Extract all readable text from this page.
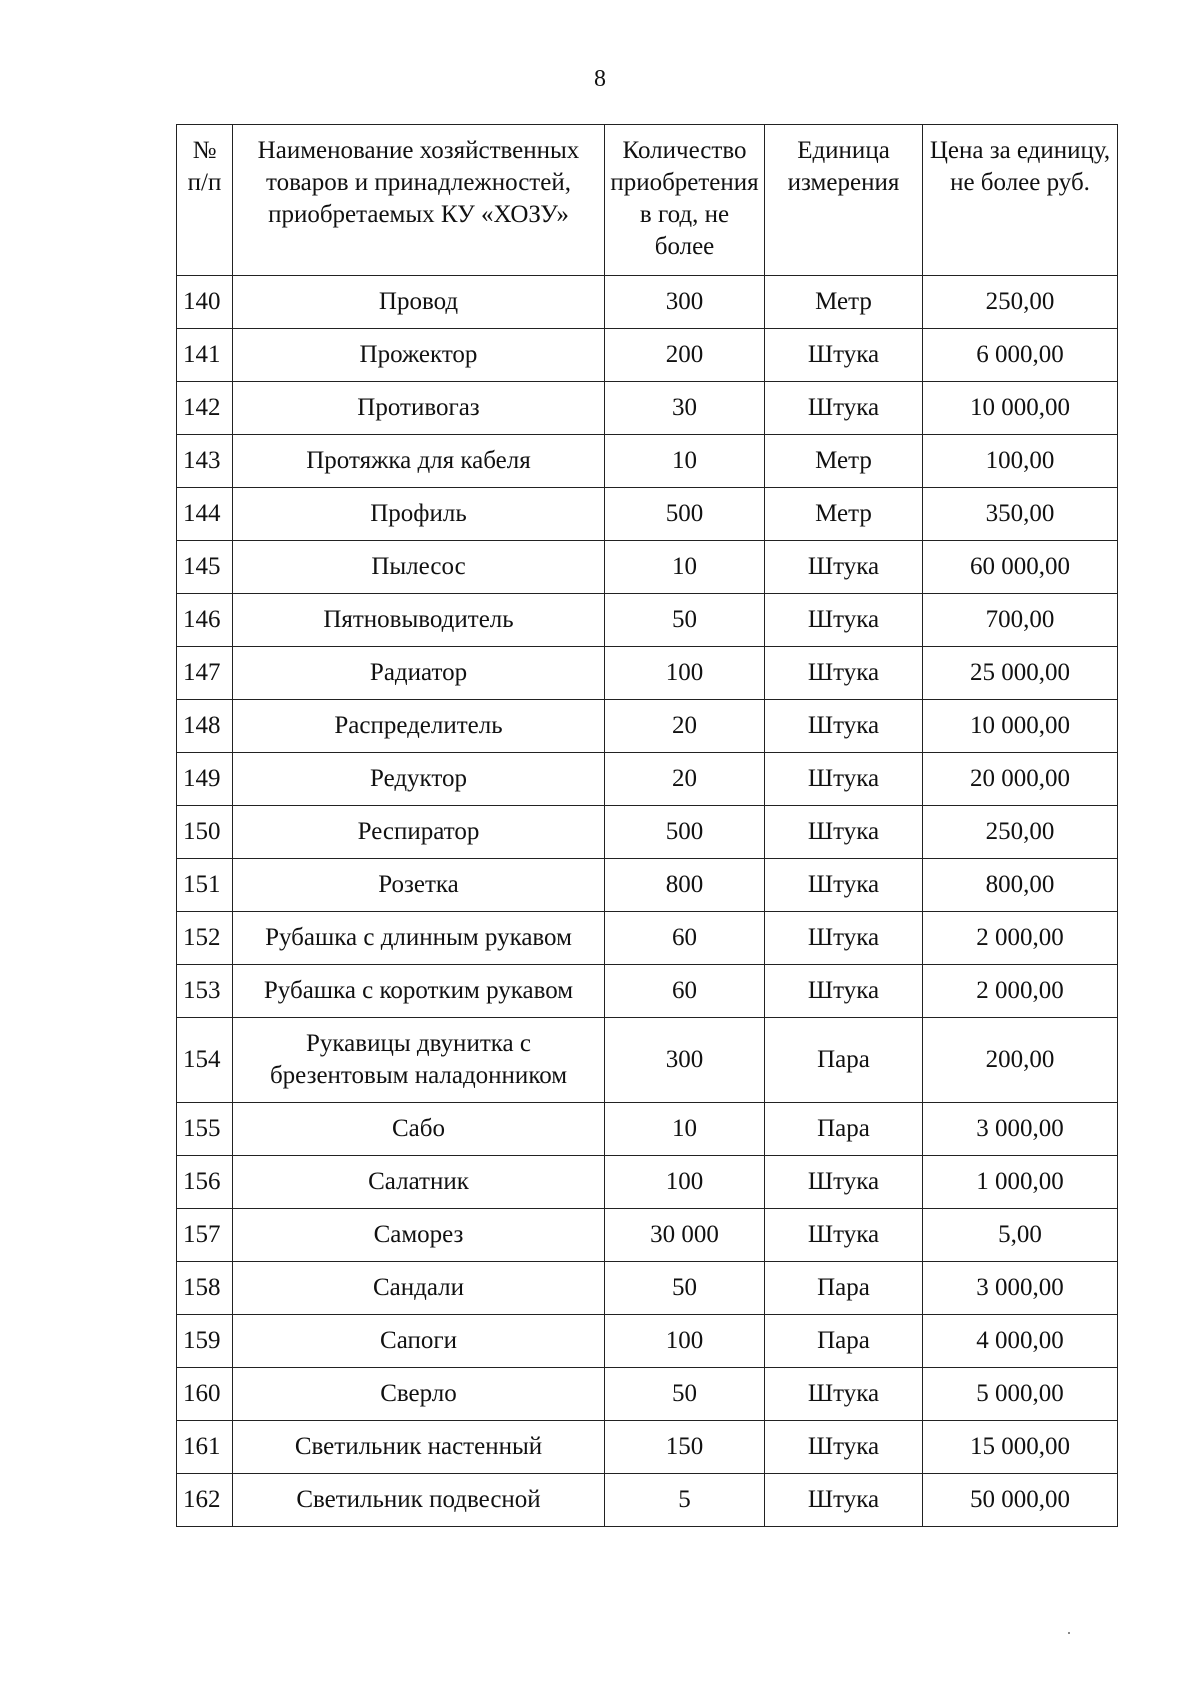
8
№ п/п	Наименование хозяйственных товаров и принадлежностей, приобретаемых КУ «ХОЗУ»	Количество приобретения в год, не более	Единица измерения	Цена за единицу, не более руб.
140	Провод	300	Метр	250,00
141	Прожектор	200	Штука	6 000,00
142	Противогаз	30	Штука	10 000,00
143	Протяжка для кабеля	10	Метр	100,00
144	Профиль	500	Метр	350,00
145	Пылесос	10	Штука	60 000,00
146	Пятновыводитель	50	Штука	700,00
147	Радиатор	100	Штука	25 000,00
148	Распределитель	20	Штука	10 000,00
149	Редуктор	20	Штука	20 000,00
150	Респиратор	500	Штука	250,00
151	Розетка	800	Штука	800,00
152	Рубашка с длинным рукавом	60	Штука	2 000,00
153	Рубашка с коротким рукавом	60	Штука	2 000,00
154	Рукавицы двунитка с брезентовым наладонником	300	Пара	200,00
155	Сабо	10	Пара	3 000,00
156	Салатник	100	Штука	1 000,00
157	Саморез	30 000	Штука	5,00
158	Сандали	50	Пара	3 000,00
159	Сапоги	100	Пара	4 000,00
160	Сверло	50	Штука	5 000,00
161	Светильник настенный	150	Штука	15 000,00
162	Светильник подвесной	5	Штука	50 000,00
